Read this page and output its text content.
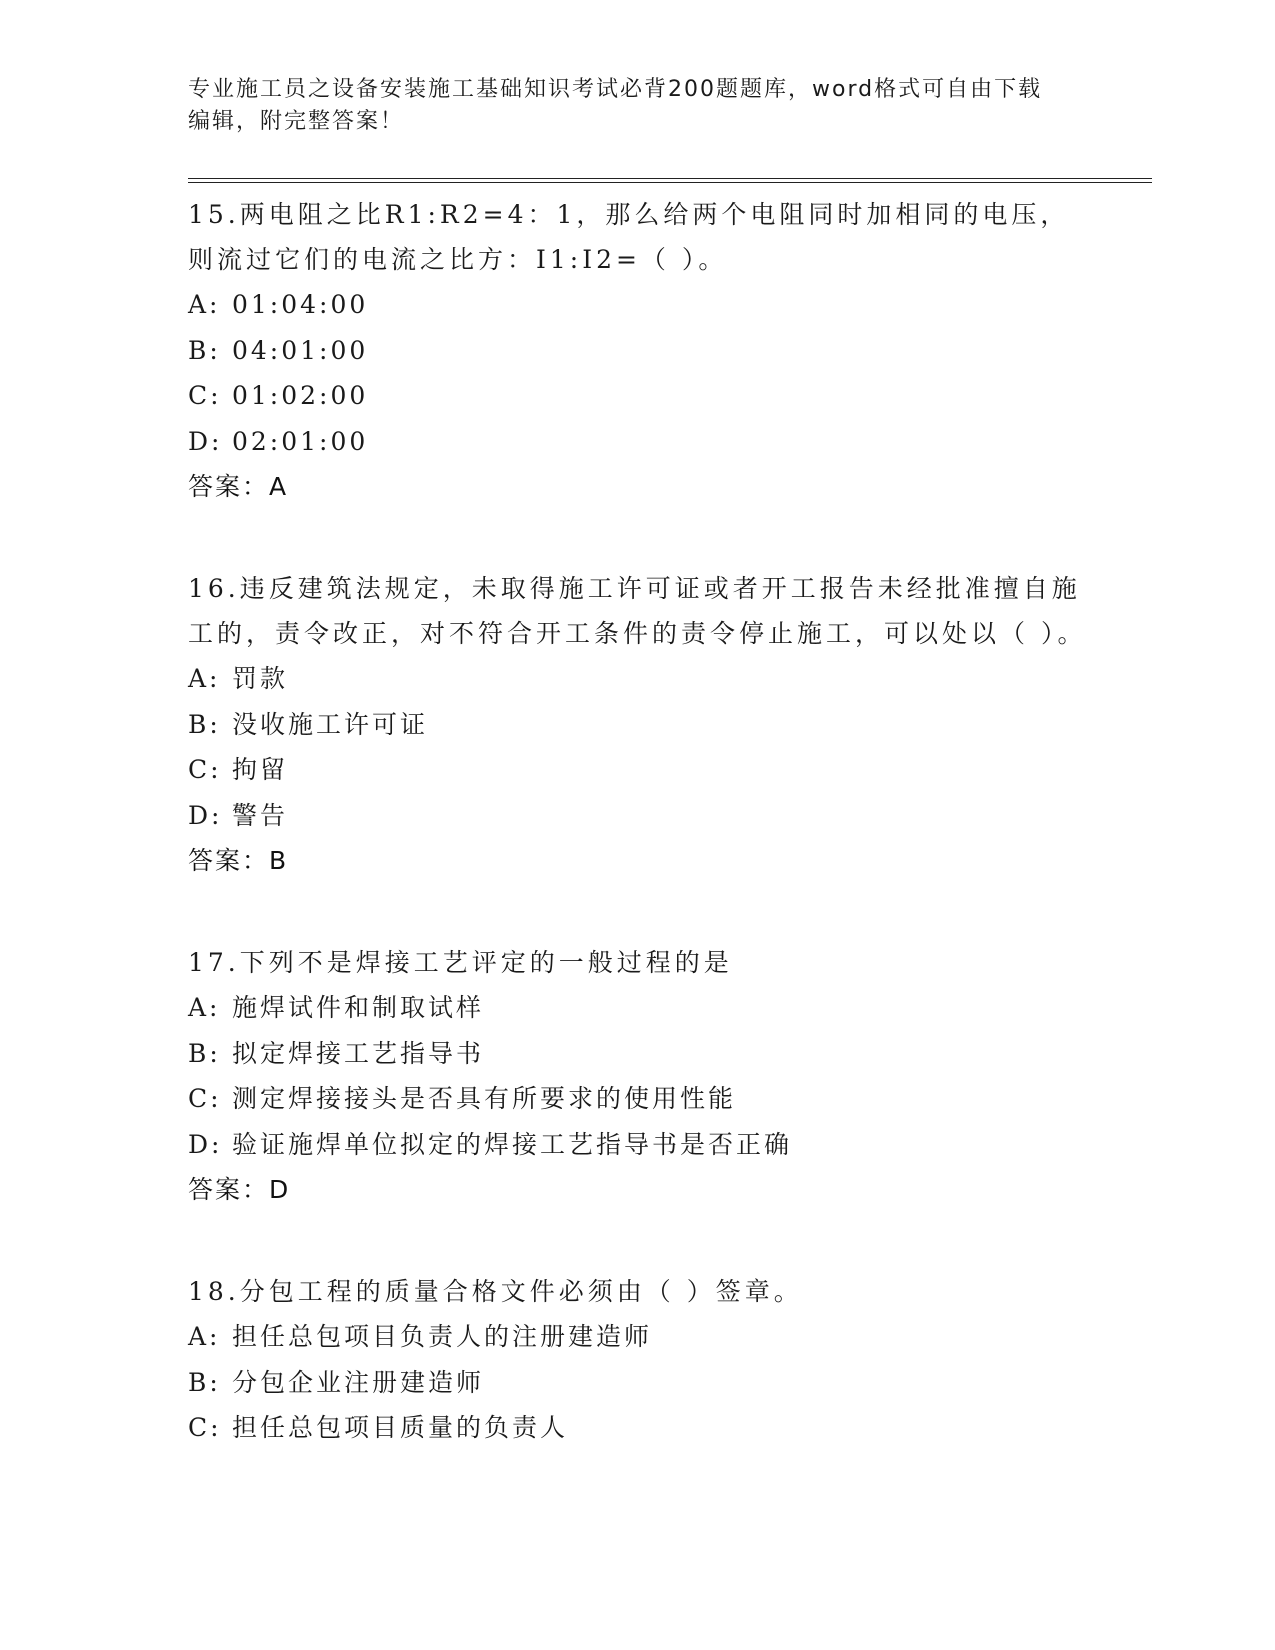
专业施工员之设备安装施工基础知识考试必背200题题库，word格式可自由下载
编辑，附完整答案！
15.两电阻之比R1:R2=4：1，那么给两个电阻同时加相同的电压，则流过它们的电流之比方：I1:I2=（ ）。
A: 01:04:00
B: 04:01:00
C: 01:02:00
D: 02:01:00
答案：A
16.违反建筑法规定，未取得施工许可证或者开工报告未经批准擅自施工的，责令改正，对不符合开工条件的责令停止施工，可以处以（ ）。
A: 罚款
B: 没收施工许可证
C: 拘留
D: 警告
答案：B
17.下列不是焊接工艺评定的一般过程的是
A: 施焊试件和制取试样
B: 拟定焊接工艺指导书
C: 测定焊接接头是否具有所要求的使用性能
D: 验证施焊单位拟定的焊接工艺指导书是否正确
答案：D
18.分包工程的质量合格文件必须由（ ）签章。
A: 担任总包项目负责人的注册建造师
B: 分包企业注册建造师
C: 担任总包项目质量的负责人
